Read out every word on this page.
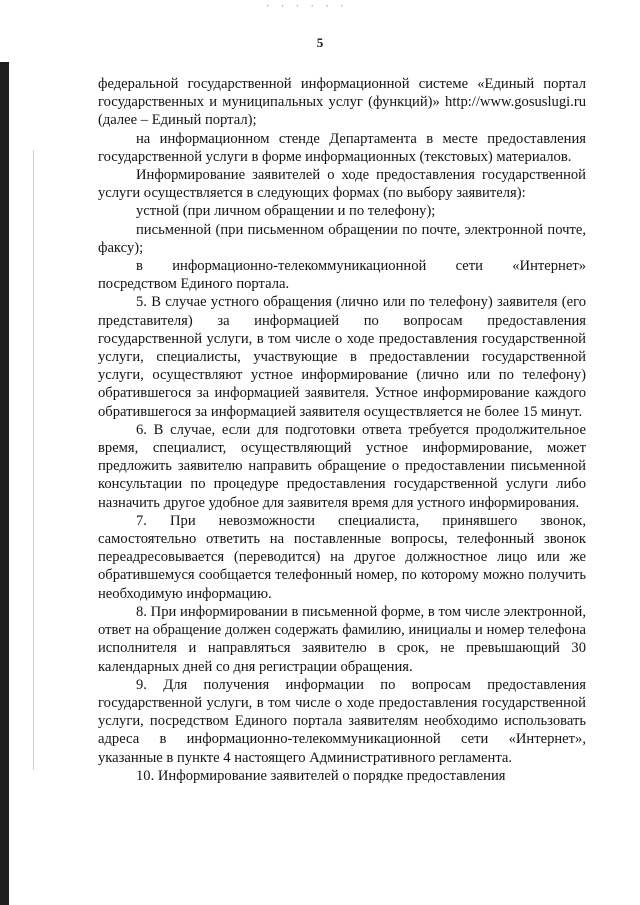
· · · · · ·
5

федеральной государственной информационной системе «Единый портал государственных и муниципальных услуг (функций)» http://www.gosuslugi.ru (далее – Единый портал);

на информационном стенде Департамента в месте предоставления государственной услуги в форме информационных (текстовых) материалов.

Информирование заявителей о ходе предоставления государственной услуги осуществляется в следующих формах (по выбору заявителя):

устной (при личном обращении и по телефону);

письменной (при письменном обращении по почте, электронной почте, факсу);

в информационно-телекоммуникационной сети «Интернет» посредством Единого портала.

5. В случае устного обращения (лично или по телефону) заявителя (его представителя) за информацией по вопросам предоставления государственной услуги, в том числе о ходе предоставления государственной услуги, специалисты, участвующие в предоставлении государственной услуги, осуществляют устное информирование (лично или по телефону) обратившегося за информацией заявителя. Устное информирование каждого обратившегося за информацией заявителя осуществляется не более 15 минут.

6. В случае, если для подготовки ответа требуется продолжительное время, специалист, осуществляющий устное информирование, может предложить заявителю направить обращение о предоставлении письменной консультации по процедуре предоставления государственной услуги либо назначить другое удобное для заявителя время для устного информирования.

7. При невозможности специалиста, принявшего звонок, самостоятельно ответить на поставленные вопросы, телефонный звонок переадресовывается (переводится) на другое должностное лицо или же обратившемуся сообщается телефонный номер, по которому можно получить необходимую информацию.

8. При информировании в письменной форме, в том числе электронной, ответ на обращение должен содержать фамилию, инициалы и номер телефона исполнителя и направляться заявителю в срок, не превышающий 30 календарных дней со дня регистрации обращения.

9. Для получения информации по вопросам предоставления государственной услуги, в том числе о ходе предоставления государственной услуги, посредством Единого портала заявителям необходимо использовать адреса в информационно-телекоммуникационной сети «Интернет», указанные в пункте 4 настоящего Административного регламента.

10. Информирование заявителей о порядке предоставления
